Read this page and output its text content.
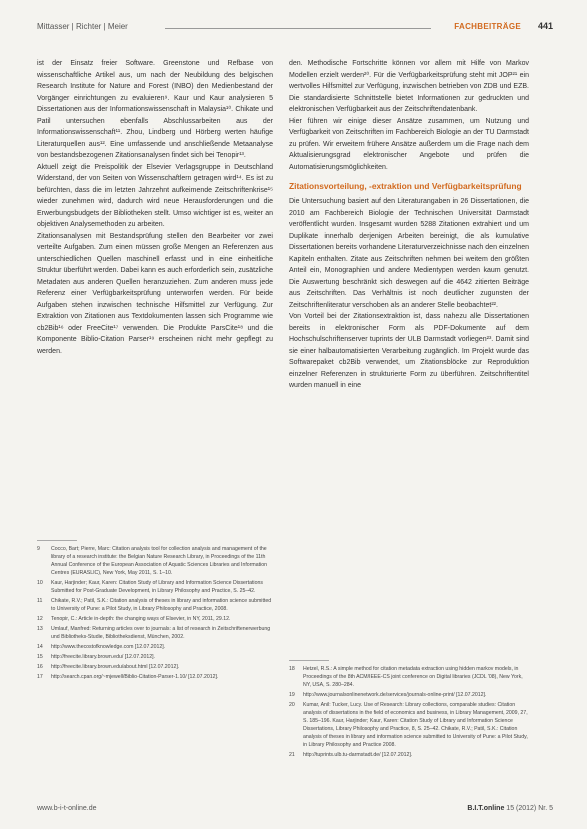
Mittasser | Richter | Meier	FACHBEITRÄGE 441

ist der Einsatz freier Software. Greenstone und Refbase von wissenschaftliche Artikel aus, um nach der Neubildung des belgischen Research Institute for Nature and Forest (INBO) den Medienbestand der Vorgänger einrichtungen zu evaluieren⁹. Kaur und Kaur analysieren 5 Dissertationen aus der Informationswissenschaft in Malaysia¹⁰. Chikate und Patil untersuchen ebenfalls Abschlussarbeiten aus der Informationswissenschaft¹¹. Zhou, Lindberg und Hörberg werten häufige Literaturquellen aus¹². Eine umfassende und anschließende Metaanalyse von bestandsbezogenen Zitationsanalysen findet sich bei Tenopir¹³.

Aktuell zeigt die Preispolitik der Elsevier Verlagsgruppe in Deutschland Widerstand, der von Seiten von Wissenschaftlern getragen wird¹⁴. Es ist zu befürchten, dass die im letzten Jahrzehnt aufkeimende Zeitschriftenkrise¹⁵ wieder zunehmen wird, dadurch wird neue Herausforderungen und die Erwerbungsbudgets der Bibliotheken stellt. Umso wichtiger ist es, weiter an objektiven Analysemethoden zu arbeiten.

Zitationsanalysen mit Bestandsprüfung stellen den Bearbeiter vor zwei verteilte Aufgaben. Zum einen müssen große Mengen an Referenzen aus unterschiedlichen Quellen maschinell erfasst und in eine einheitliche Struktur überführt werden. Dabei kann es auch erforderlich sein, zusätzliche Metadaten aus anderen Quellen heranzuziehen. Zum anderen muss jede Referenz einer Verfügbarkeitsprüfung unterworfen werden. Für beide Aufgaben stehen inzwischen technische Hilfsmittel zur Verfügung. Zur Extraktion von Zitationen aus Textdokumenten lassen sich Programme wie cb2Bib¹⁶ oder FreeCite¹⁷ verwenden. Die Produkte ParsCite¹⁸ und die Komponente Biblio-Citation Parser¹⁹ erscheinen nicht mehr gepflegt zu werden.

den. Methodische Fortschritte können vor allem mit Hilfe von Markov Modellen erzielt werden²⁰. Für die Verfügbarkeitsprüfung steht mit JOP²¹ ein wertvolles Hilfsmittel zur Verfügung, inzwischen betrieben von ZDB und EZB. Die standardisierte Schnittstelle bietet Informationen zur gedruckten und elektronischen Verfügbarkeit aus der Zeitschriftendatenbank.

Hier führen wir einige dieser Ansätze zusammen, um Nutzung und Verfügbarkeit von Zeitschriften im Fachbereich Biologie an der TU Darmstadt zu prüfen. Wir erweitern frühere Ansätze außerdem um die Frage nach dem Aktualisierungsgrad elektronischer Angebote und prüfen die Automatisierungsmöglichkeiten.

Zitationsvorteilung, -extraktion und Verfügbarkeitsprüfung

Die Untersuchung basiert auf den Literaturangaben in 26 Dissertationen, die 2010 am Fachbereich Biologie der Technischen Universität Darmstadt veröffentlicht wurden. Insgesamt wurden 5288 Zitationen extrahiert und um Duplikate innerhalb derjenigen Arbeiten bereinigt, die als kumulative Dissertationen bereits vorhandene Literaturverzeichnisse nach den einzelnen Kapiteln enthalten. Zitate aus Zeitschriften nehmen bei weitem den größten Anteil ein, Monographien und andere Medientypen werden kaum genutzt. Die Auswertung beschränkt sich deswegen auf die 4642 zitierten Beiträge aus Zeitschriften. Das Verhältnis ist noch deutlicher zugunsten der Zeitschriftenliteratur verschoben als an anderer Stelle beobachtet²².

Von Vorteil bei der Zitationsextraktion ist, dass nahezu alle Dissertationen bereits in elektronischer Form als PDF-Dokumente auf dem Hochschulschriftenserver tuprints der ULB Darmstadt vorliegen²³. Damit sind sie einer halbautomatisierten Verarbeitung zugänglich. Im Projekt wurde das Softwarepaket cb2Bib verwendet, um Zitationsblöcke zur Reproduktion einzelner Referenzen in strukturierte Form zu überführen. Zeitschriftentitel wurden manuell in eine

9	Cocco, Bart; Pierre, Marc: Citation analysis tool for collection analysis and management of the library of a research institute: the Belgian Nature Research Library, in Proceedings of the 11th Annual Conference of the European Association of Aquatic Sciences Libraries and Information Centres (EURASLIC), New York, May 2011, S. 1–10.
10	Kaur, Harjinder; Kaur, Karen: Citation Study of Library and Information Science Dissertations Submitted for Post-Graduate Development, in Library Philosophy and Practice, S. 25–42.
11	Chikate, R.V.; Patil, S.K.: Citation analysis of theses in library and information science submitted to University of Pune: a Pilot Study, in Library Philosophy and Practice, 2008.
12	Tenopir, C.: Article in-depth: the changing ways of Elsevier, in NY, 2011, 29.12.
13	Umlauf, Manfred: Returning articles over to journals: a list of research in Zeitschriftenerwerbung und Bibliotheks-Studie, Bibliotheksdienst, München, 2002.
14	http://www.thecostofknowledge.com [12.07.2012].
15	http://freecite.library.brown.edu/ [12.07.2012].
16	http://freecite.library.brown.edu/about.html [12.07.2012].
17	http://search.cpan.org/~mjewell/Biblio-Citation-Parser-1.10/ [12.07.2012].
18	Hetzel, R.S.: A simple method for citation metadata extraction using hidden markov models, in Proceedings of the 8th ACM/IEEE-CS joint conference on Digital libraries (JCDL '08), New York, NY, USA, S. 280–284.
19	http://www.journalsonlinenetwork.de/services/journals-online-print/ [12.07.2012].
20	Kumar, Anil: Tucker, Lucy. Use of Research: Library collections, comparable studies: Citation analysis of dissertations in the field of economics and business, in Library Management, 2009, 27, S. 185–196. Kaur, Harjinder; Kaur, Karen: Citation Study of Library and Information Science Dissertations, Library Philosophy and Practice, 8, S. 25–42. Chikate, R.V.; Patil, S.K.: Citation analysis of theses in library and information science submitted to University of Pune: a Pilot Study, in Library Philosophy and Practice 2008.
21	http://tuprints.ulb.tu-darmstadt.de/ [12.07.2012].
www.b-i-t-online.de	B.I.T.online 15 (2012) Nr. 5
